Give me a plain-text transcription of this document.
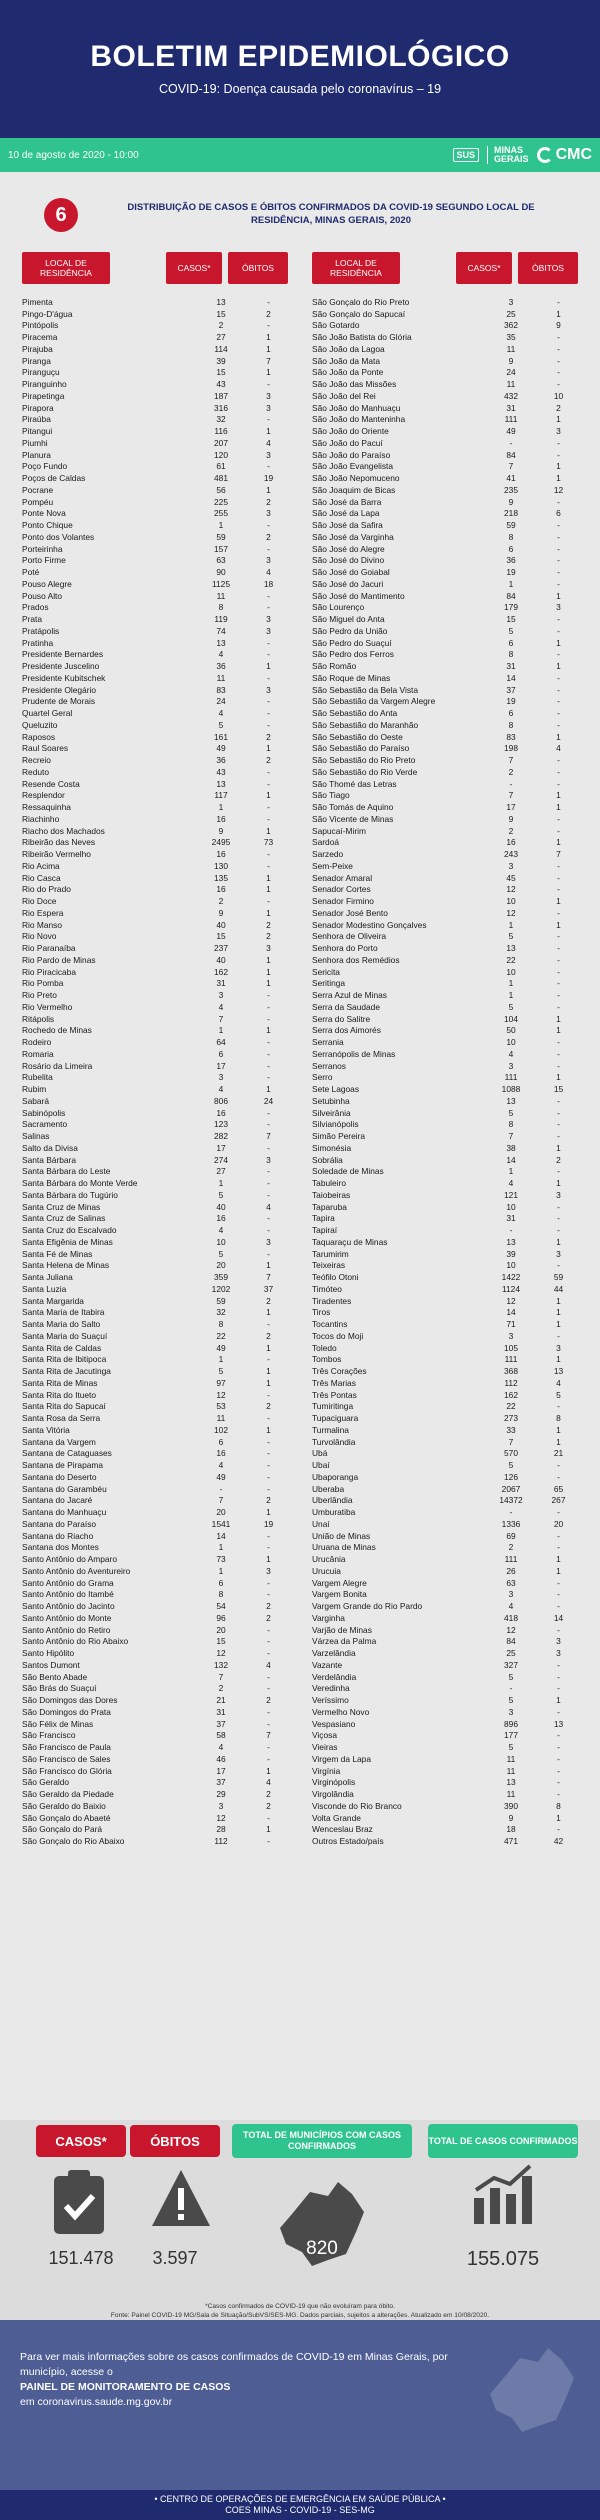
BOLETIM EPIDEMIOLÓGICO
COVID-19: Doença causada pelo coronavírus – 19
10 de agosto de 2020 - 10:00	SUS	MINAS
GERAIS CMC
6	DISTRIBUIÇÃO DE CASOS E ÓBITOS CONFIRMADOS DA COVID-19 SEGUNDO LOCAL DE RESIDÊNCIA, MINAS GERAIS, 2020
LOCAL DE RESIDÊNCIA	CASOS*	ÓBITOS	LOCAL DE RESIDÊNCIA	CASOS*	ÓBITOS
Pimenta	13	-
Pingo-D'água	15	2
Pintópolis	2	-
Piracema	27	1
Pirajuba	114	1
Piranga	39	7
Piranguçu	15	1
Piranguinho	43	-
Pirapetinga	187	3
Pirapora	316	3
Piraúba	32	-
Pitangui	116	1
Piumhi	207	4
Planura	120	3
Poço Fundo	61	-
Poços de Caldas	481	19
Pocrane	56	1
Pompéu	225	2
Ponte Nova	255	3
Ponto Chique	1	-
Ponto dos Volantes	59	2
Porteirinha	157	-
Porto Firme	63	3
Poté	90	4
Pouso Alegre	1125	18
Pouso Alto	11	-
Prados	8	-
Prata	119	3
Pratápolis	74	3
Pratinha	13	-
Presidente Bernardes	4	-
Presidente Juscelino	36	1
Presidente Kubitschek	11	-
Presidente Olegário	83	3
Prudente de Morais	24	-
Quartel Geral	4	-
Queluzito	5	-
Raposos	161	2
Raul Soares	49	1
Recreio	36	2
Reduto	43	-
Resende Costa	13	-
Resplendor	117	1
Ressaquinha	1	-
Riachinho	16	-
Riacho dos Machados	9	1
Ribeirão das Neves	2495	73
Ribeirão Vermelho	16	-
Rio Acima	130	-
Rio Casca	135	1
Rio do Prado	16	1
Rio Doce	2	-
Rio Espera	9	1
Rio Manso	40	2
Rio Novo	15	2
Rio Paranaíba	237	3
Rio Pardo de Minas	40	1
Rio Piracicaba	162	1
Rio Pomba	31	1
Rio Preto	3	-
Rio Vermelho	4	-
Ritápolis	7	-
Rochedo de Minas	1	1
Rodeiro	64	-
Romaria	6	-
Rosário da Limeira	17	-
Rubelita	3	-
Rubim	4	1
Sabará	806	24
Sabinópolis	16	-
Sacramento	123	-
Salinas	282	7
Salto da Divisa	17	-
Santa Bárbara	274	3
Santa Bárbara do Leste	27	-
Santa Bárbara do Monte Verde	1	-
Santa Bárbara do Tugúrio	5	-
Santa Cruz de Minas	40	4
Santa Cruz de Salinas	16	-
Santa Cruz do Escalvado	4	-
Santa Efigênia de Minas	10	3
Santa Fé de Minas	5	-
Santa Helena de Minas	20	1
Santa Juliana	359	7
Santa Luzia	1202	37
Santa Margarida	59	2
Santa Maria de Itabira	32	1
Santa Maria do Salto	8	-
Santa Maria do Suaçuí	22	2
Santa Rita de Caldas	49	1
Santa Rita de Ibitipoca	1	-
Santa Rita de Jacutinga	5	1
Santa Rita de Minas	97	1
Santa Rita do Itueto	12	-
Santa Rita do Sapucaí	53	2
Santa Rosa da Serra	11	-
Santa Vitória	102	1
Santana da Vargem	6	-
Santana de Cataguases	16	-
Santana de Pirapama	4	-
Santana do Deserto	49	-
Santana do Garambéu	-	-
Santana do Jacaré	7	2
Santana do Manhuaçu	20	1
Santana do Paraíso	1541	19
Santana do Riacho	14	-
Santana dos Montes	1	-
Santo Antônio do Amparo	73	1
Santo Antônio do Aventureiro	1	3
Santo Antônio do Grama	6	-
Santo Antônio do Itambé	8	-
Santo Antônio do Jacinto	54	2
Santo Antônio do Monte	96	2
Santo Antônio do Retiro	20	-
Santo Antônio do Rio Abaixo	15	-
Santo Hipólito	12	-
Santos Dumont	132	4
São Bento Abade	7	-
São Brás do Suaçuí	2	-
São Domingos das Dores	21	2
São Domingos do Prata	31	-
São Félix de Minas	37	-
São Francisco	58	7
São Francisco de Paula	4	-
São Francisco de Sales	46	-
São Francisco do Glória	17	1
São Geraldo	37	4
São Geraldo da Piedade	29	2
São Geraldo do Baixio	3	2
São Gonçalo do Abaeté	12	-
São Gonçalo do Pará	28	1
São Gonçalo do Rio Abaixo	112	-
São Gonçalo do Rio Preto	3	-
São Gonçalo do Sapucaí	25	1
São Gotardo	362	9
São João Batista do Glória	35	-
São João da Lagoa	11	-
São João da Mata	9	-
São João da Ponte	24	-
São João das Missões	11	-
São João del Rei	432	10
São João do Manhuaçu	31	2
São João do Manteninha	111	1
São João do Oriente	49	3
São João do Pacuí	-	-
São João do Paraíso	84	-
São João Evangelista	7	1
São João Nepomuceno	41	1
São Joaquim de Bicas	235	12
São José da Barra	9	-
São José da Lapa	218	6
São José da Safira	59	-
São José da Varginha	8	-
São José do Alegre	6	-
São José do Divino	36	-
São José do Goiabal	19	-
São José do Jacuri	1	-
São José do Mantimento	84	1
São Lourenço	179	3
São Miguel do Anta	15	-
São Pedro da União	5	-
São Pedro do Suaçuí	6	1
São Pedro dos Ferros	8	-
São Romão	31	1
São Roque de Minas	14	-
São Sebastião da Bela Vista	37	-
São Sebastião da Vargem Alegre	19	-
São Sebastião do Anta	6	-
São Sebastião do Maranhão	8	-
São Sebastião do Oeste	83	1
São Sebastião do Paraíso	198	4
São Sebastião do Rio Preto	7	-
São Sebastião do Rio Verde	2	-
São Thomé das Letras	-	-
São Tiago	7	1
São Tomás de Aquino	17	1
São Vicente de Minas	9	-
Sapucaí-Mirim	2	-
Sardoá	16	1
Sarzedo	243	7
Sem-Peixe	3	-
Senador Amaral	45	-
Senador Cortes	12	-
Senador Firmino	10	1
Senador José Bento	12	-
Senador Modestino Gonçalves	1	1
Senhora de Oliveira	5	-
Senhora do Porto	13	-
Senhora dos Remédios	22	-
Sericita	10	-
Seritinga	1	-
Serra Azul de Minas	1	-
Serra da Saudade	5	-
Serra do Salitre	104	1
Serra dos Aimorés	50	1
Serrania	10	-
Serranópolis de Minas	4	-
Serranos	3	-
Serro	111	1
Sete Lagoas	1088	15
Setubinha	13	-
Silveirânia	5	-
Silvianópolis	8	-
Simão Pereira	7	-
Simonésia	38	1
Sobrália	14	2
Soledade de Minas	1	-
Tabuleiro	4	1
Taiobeiras	121	3
Taparuba	10	-
Tapira	31	-
Tapiraí	-	-
Taquaraçu de Minas	13	1
Tarumirim	39	3
Teixeiras	10	-
Teófilo Otoni	1422	59
Timóteo	1124	44
Tiradentes	12	1
Tiros	14	1
Tocantins	71	1
Tocos do Moji	3	-
Toledo	105	3
Tombos	111	1
Três Corações	368	13
Três Marias	112	4
Três Pontas	162	5
Tumiritinga	22	-
Tupaciguara	273	8
Turmalina	33	1
Turvolândia	7	1
Ubá	570	21
Ubaí	5	-
Ubaporanga	126	-
Uberaba	2067	65
Uberlândia	14372	267
Umburatiba	-	-
Unaí	1336	20
União de Minas	69	-
Uruana de Minas	2	-
Urucânia	111	1
Urucuia	26	1
Vargem Alegre	63	-
Vargem Bonita	3	-
Vargem Grande do Rio Pardo	4	-
Varginha	418	14
Varjão de Minas	12	-
Várzea da Palma	84	3
Varzelândia	25	3
Vazante	327	-
Verdelândia	5	-
Veredinha	-	-
Veríssimo	5	1
Vermelho Novo	3	-
Vespasiano	896	13
Viçosa	177	-
Vieiras	5	-
Virgem da Lapa	11	-
Virgínia	11	-
Virginópolis	13	-
Virgolândia	11	-
Visconde do Rio Branco	390	8
Volta Grande	9	1
Wenceslau Braz	18	-
Outros Estado/país	471	42
CASOS*	ÓBITOS	TOTAL DE MUNICÍPIOS COM CASOS CONFIRMADOS
TOTAL DE CASOS CONFIRMADOS
820
151.478	3.597	155.075
*Casos confirmados de COVID-19 que não evoluíram para óbito.
Fonte: Painel COVID-19 MG/Sala de Situação/SubVS/SES-MG. Dados parciais, sujeitos a alterações. Atualizado em 10/08/2020.
Para ver mais informações sobre os casos confirmados de COVID-19 em Minas Gerais, por município, acesse o
PAINEL DE MONITORAMENTO DE CASOS
em coronavirus.saude.mg.gov.br
• CENTRO DE OPERAÇÕES DE EMERGÊNCIA EM SAÚDE PÚBLICA •
COES MINAS - COVID-19 - SES-MG
